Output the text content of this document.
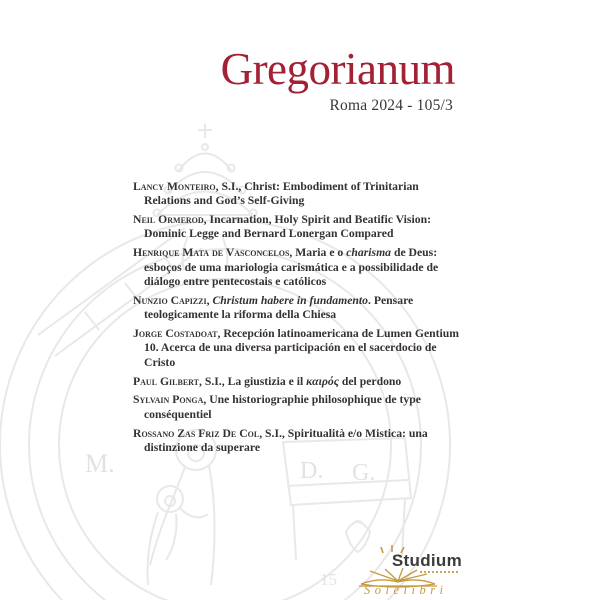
M.	D. G.
15
Gregorianum

Roma 2024 - 105/3

Lancy Monteiro, S.I., Christ: Embodiment of Trinitarian Relations and God’s Self-Giving
Neil Ormerod, Incarnation, Holy Spirit and Beatific Vision: Dominic Legge and Bernard Lonergan Compared
Henrique Mata de Vasconcelos, Maria e o charisma de Deus: esboços de uma mariologia carismática e a possibilidade de diálogo entre pentecostais e católicos
Nunzio Capizzi, Christum habere in fundamento. Pensare teologicamente la riforma della Chiesa
Jorge Costadoat, Recepción latinoamericana de Lumen Gentium 10. Acerca de una diversa participación en el sacerdocio de Cristo
Paul Gilbert, S.I., La giustizia e il καιρός del perdono
Sylvain Ponga, Une historiographie philosophique de type conséquentiel
Rossano Zas Friz De Col, S.I., Spiritualità e/o Mistica: una distinzione da superare

Studium

Solelibri
